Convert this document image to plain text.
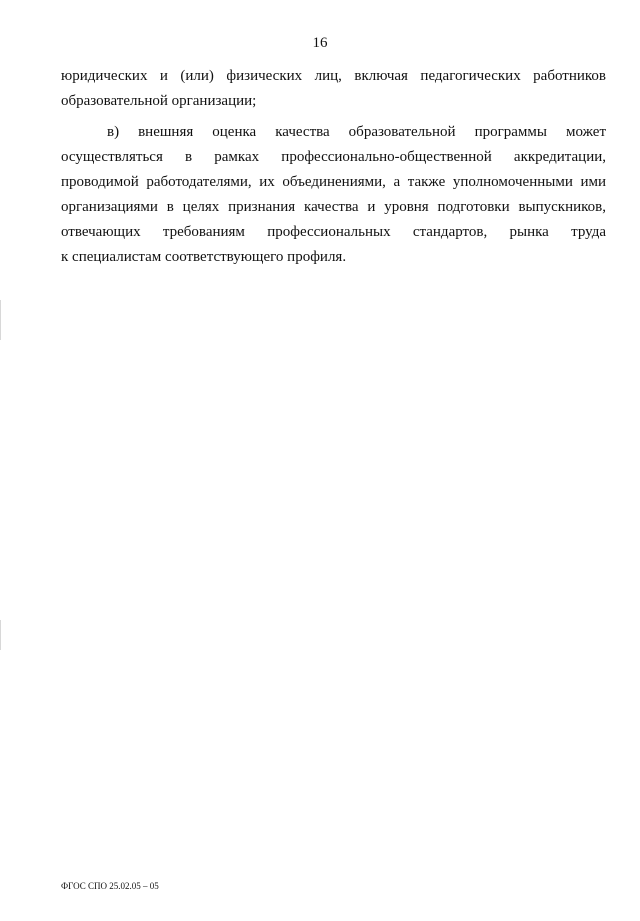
16
юридических и (или) физических лиц, включая педагогических работников
образовательной организации;
в) внешняя оценка качества образовательной программы может
осуществляться в рамках профессионально-общественной аккредитации,
проводимой работодателями, их объединениями, а также уполномоченными ими
организациями в целях признания качества и уровня подготовки выпускников,
отвечающих требованиям профессиональных стандартов, рынка труда
к специалистам соответствующего профиля.
ФГОС СПО 25.02.05 – 05
